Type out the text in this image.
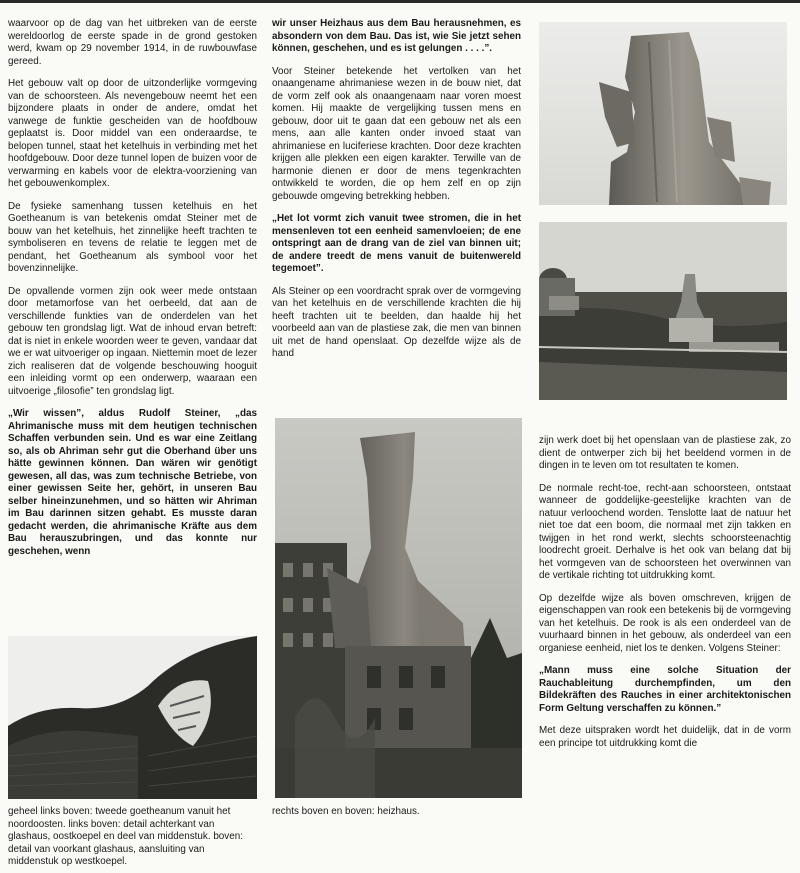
waarvoor op de dag van het uitbreken van de eerste wereldoorlog de eerste spade in de grond gestoken werd, kwam op 29 november 1914, in de ruwbouwfase gereed.

Het gebouw valt op door de uitzonderlijke vormgeving van de schoorsteen. Als nevengebouw neemt het een bijzondere plaats in onder de andere, omdat het vanwege de funktie gescheiden van de hoofdbouw geplaatst is. Door middel van een onderaardse, te belopen tunnel, staat het ketelhuis in verbinding met het hoofdgebouw. Door deze tunnel lopen de buizen voor de verwarming en kabels voor de elektra-voorziening van het gebouwenkomplex.

De fysieke samenhang tussen ketelhuis en het Goetheanum is van betekenis omdat Steiner met de bouw van het ketelhuis, het zinnelijke heeft trachten te symboliseren en tevens de relatie te leggen met de pendant, het Goetheanum als symbool voor het bovenzinnelijke.

De opvallende vormen zijn ook weer mede ontstaan door metamorfose van het oerbeeld, dat aan de verschillende funkties van de onderdelen van het gebouw ten grondslag ligt. Wat de inhoud ervan betreft: dat is niet in enkele woorden weer te geven, vandaar dat we er wat uitvoeriger op ingaan. Niettemin moet de lezer zich realiseren dat de volgende beschouwing hooguit een inleiding vormt op een onderwerp, waaraan een uitvoerige „filosofie” ten grondslag ligt.

„Wir wissen”, aldus Rudolf Steiner, „das Ahrimanische muss mit dem heutigen technischen Schaffen verbunden sein. Und es war eine Zeitlang so, als ob Ahriman sehr gut die Oberhand über uns hätte gewinnen können. Dan wären wir genötigt gewesen, all das, was zum technische Betriebe, von einer gewissen Seite her, gehört, in unseren Bau selber hineinzunehmen, und so hätten wir Ahriman im Bau darinnen sitzen gehabt. Es musste daran gedacht werden, die ahrimanische Kräfte aus dem Bau herauszubringen, und das konnte nur geschehen, wenn

wir unser Heizhaus aus dem Bau herausnehmen, es absondern von dem Bau. Das ist, wie Sie jetzt sehen können, geschehen, und es ist gelungen . . . .”.

Voor Steiner betekende het vertolken van het onaangename ahrimaniese wezen in de bouw niet, dat de vorm zelf ook als onaangenaam naar voren moest komen. Hij maakte de vergelijking tussen mens en gebouw, door uit te gaan dat een gebouw net als een mens, aan alle kanten onder invoed staat van ahrimaniese en luciferiese krachten. Door deze krachten krijgen alle plekken een eigen karakter. Terwille van de harmonie dienen er door de mens tegenkrachten ontwikkeld te worden, die op hem zelf en op zijn gebouwde omgeving betrekking hebben.

„Het lot vormt zich vanuit twee stromen, die in het mensenleven tot een eenheid samenvloeien; de ene ontspringt aan de drang van de ziel van binnen uit; de andere treedt de mens vanuit de buitenwereld tegemoet”.

Als Steiner op een voordracht sprak over de vormgeving van het ketelhuis en de verschillende krachten die hij heeft trachten uit te beelden, dan haalde hij het voorbeeld aan van de plastiese zak, die men van binnen uit met de hand openslaat. Op dezelfde wijze als de hand

zijn werk doet bij het openslaan van de plastiese zak, zo dient de ontwerper zich bij het beeldend vormen in de dingen in te leven om tot resultaten te komen.

De normale recht-toe, recht-aan schoorsteen, ontstaat wanneer de goddelijke-geestelijke krachten van de natuur verloochend worden. Tenslotte laat de natuur het niet toe dat een boom, die normaal met zijn takken en twijgen in het rond werkt, slechts schoorsteenachtig loodrecht groeit. Derhalve is het ook van belang dat bij het vormgeven van de schoorsteen het overwinnen van de vertikale richting tot uitdrukking komt.

Op dezelfde wijze als boven omschreven, krijgen de eigenschappen van rook een betekenis bij de vormgeving van het ketelhuis. De rook is als een onderdeel van de vuurhaard binnen in het gebouw, als onderdeel van een organiese eenheid, niet los te denken. Volgens Steiner:

„Mann muss eine solche Situation der Rauchableitung durchempfinden, um den Bildekräften des Rauches in einer architektonischen Form Geltung verschaffen zu können.”

Met deze uitspraken wordt het duidelijk, dat in de vorm een principe tot uitdrukking komt die

geheel links boven: tweede goetheanum vanuit het noordoosten. links boven: detail achterkant van glashaus, oostkoepel en deel van middenstuk. boven: detail van voorkant glashaus, aansluiting van middenstuk op westkoepel.
rechts boven en boven: heizhaus.
